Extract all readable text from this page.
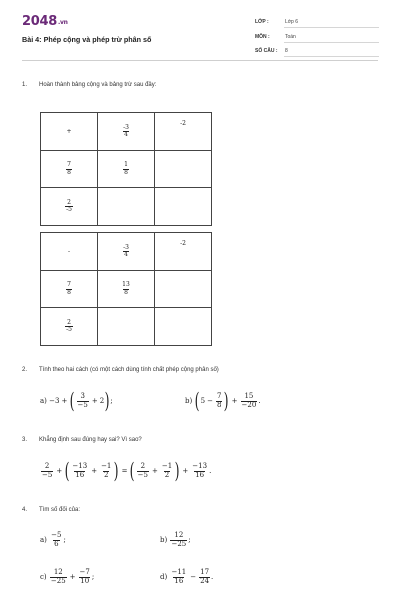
2048.vn
Bài 4: Phép cộng và phép trừ phân số
LỚP :	Lớp 6
MÔN :	Toán
SỐ CÂU : 8
1. Hoàn thành bảng cộng và bảng trừ sau đây:
+	$\frac{-3}{4}$	-2

$\frac{7}{8}$	$\frac{1}{8}$

$\frac{2}{-5}$

-	$\frac{-3}{4}$	-2

$\frac{7}{8}$	$\frac{13}{8}$

$\frac{2}{-5}$

2. Tính theo hai cách (có một cách dùng tính chất phép cộng phân số)
a)
−3 + ( $\frac{3}{-5} + 2$ ) ;	b)
( $5 - \frac{7}{8}$ ) + $\frac{15}{-20}$ .
3. Khẳng định sau đúng hay sai? Vì sao?
$\frac{2}{-5}$ + ( $\frac{-13}{16} + \frac{-1}{2}$ ) = ( $\frac{2}{-5} + \frac{-1}{2}$ ) + $\frac{-13}{16}$ .
4. Tìm số đối của:
a)
$\frac{-5}{6}$ ;	b)
$\frac{12}{-25}$ ;
c)
$\frac{12}{-25} + \frac{-7}{10}$ ;	d)
$\frac{-11}{16} - \frac{17}{24}$ .
